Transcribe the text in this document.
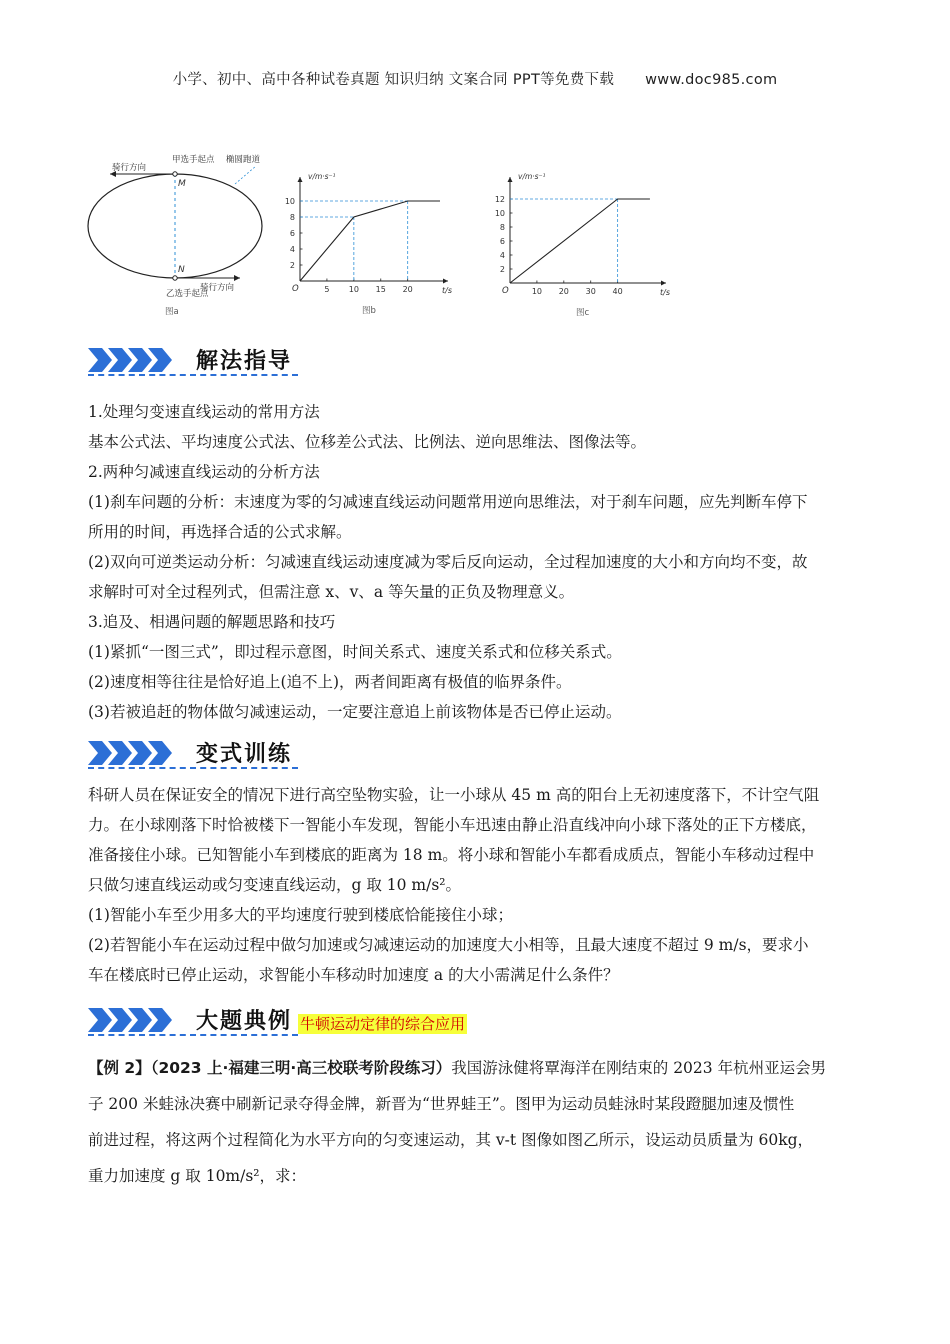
小学、初中、高中各种试卷真题 知识归纳 文案合同 PPT等免费下载 www.doc985.com
骑行方向
甲选手起点 椭圆跑道
M
N
骑行方向
乙选手起点
图a
5 10 15 20
2
4
6
8
10
v/m·s⁻¹
t/s
O
图b
10 20 30 40
2
4
6
8
10
12
v/m·s⁻¹
t/s
O
图c
解法指导

1.处理匀变速直线运动的常用方法

基本公式法、平均速度公式法、位移差公式法、比例法、逆向思维法、图像法等。

2.两种匀减速直线运动的分析方法

(1)刹车问题的分析：末速度为零的匀减速直线运动问题常用逆向思维法，对于刹车问题，应先判断车停下

所用的时间，再选择合适的公式求解。

(2)双向可逆类运动分析：匀减速直线运动速度减为零后反向运动，全过程加速度的大小和方向均不变，故

求解时可对全过程列式，但需注意 x、v、a 等矢量的正负及物理意义。

3.追及、相遇问题的解题思路和技巧

(1)紧抓“一图三式”，即过程示意图，时间关系式、速度关系式和位移关系式。

(2)速度相等往往是恰好追上(追不上)，两者间距离有极值的临界条件。

(3)若被追赶的物体做匀减速运动，一定要注意追上前该物体是否已停止运动。

变式训练

科研人员在保证安全的情况下进行高空坠物实验，让一小球从 45 m 高的阳台上无初速度落下，不计空气阻

力。在小球刚落下时恰被楼下一智能小车发现，智能小车迅速由静止沿直线冲向小球下落处的正下方楼底，

准备接住小球。已知智能小车到楼底的距离为 18 m。将小球和智能小车都看成质点，智能小车移动过程中

只做匀速直线运动或匀变速直线运动，g 取 10 m/s²。

(1)智能小车至少用多大的平均速度行驶到楼底恰能接住小球；

(2)若智能小车在运动过程中做匀加速或匀减速运动的加速度大小相等，且最大速度不超过 9 m/s，要求小

车在楼底时已停止运动，求智能小车移动时加速度 a 的大小需满足什么条件？

大题典例 牛顿运动定律的综合应用

【例 2】（2023 上·福建三明·高三校联考阶段练习）我国游泳健将覃海洋在刚结束的 2023 年杭州亚运会男

子 200 米蛙泳决赛中刷新记录夺得金牌，新晋为“世界蛙王”。图甲为运动员蛙泳时某段蹬腿加速及惯性

前进过程，将这两个过程简化为水平方向的匀变速运动，其 v-t 图像如图乙所示，设运动员质量为 60kg，

重力加速度 g 取 10m/s²，求：
